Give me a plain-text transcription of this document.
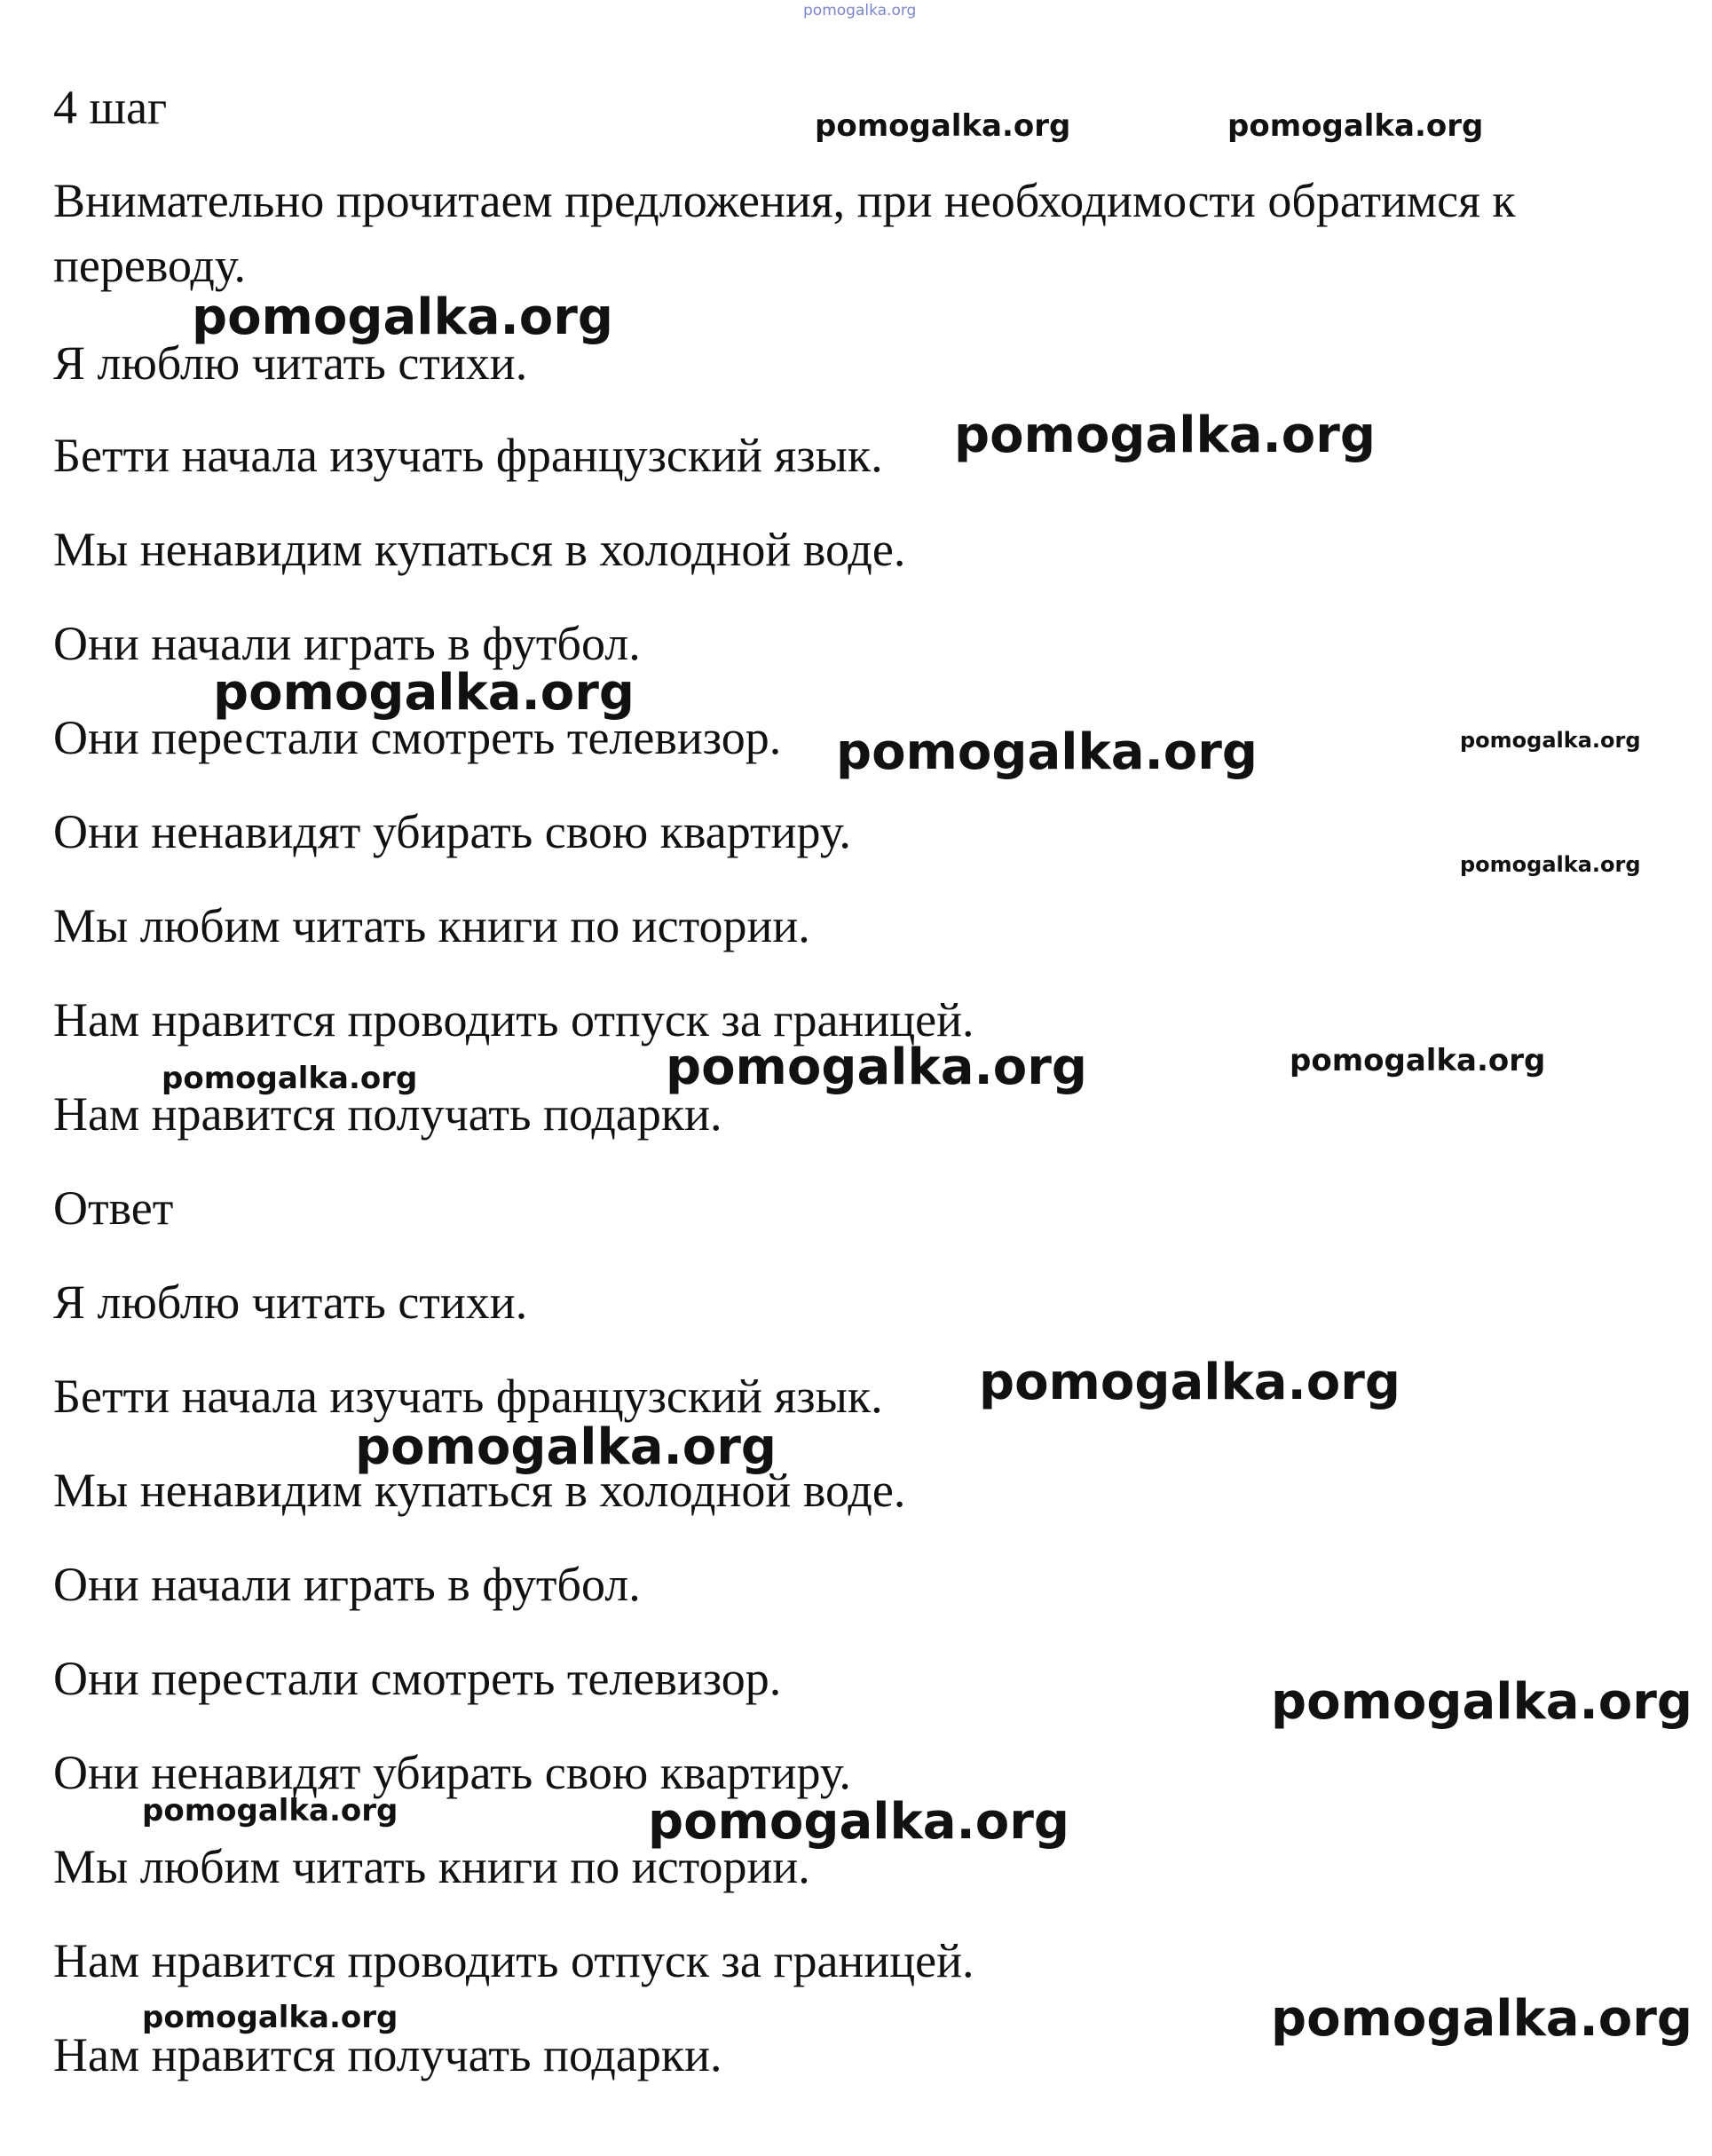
pomogalka.org
4 шаг

Внимательно прочитаем предложения, при необходимости обратимся к

переводу.

Я люблю читать стихи.

Бетти начала изучать французский язык.

Мы ненавидим купаться в холодной воде.

Они начали играть в футбол.

Они перестали смотреть телевизор.

Они ненавидят убирать свою квартиру.

Мы любим читать книги по истории.

Нам нравится проводить отпуск за границей.

Нам нравится получать подарки.

Ответ

Я люблю читать стихи.

Бетти начала изучать французский язык.

Мы ненавидим купаться в холодной воде.

Они начали играть в футбол.

Они перестали смотреть телевизор.

Они ненавидят убирать свою квартиру.

Мы любим читать книги по истории.

Нам нравится проводить отпуск за границей.

Нам нравится получать подарки.

pomogalka.org	pomogalka.org
pomogalka.org
pomogalka.org
pomogalka.org
pomogalka.org	pomogalka.org
pomogalka.org
pomogalka.org	pomogalka.org	pomogalka.org
pomogalka.org
pomogalka.org
pomogalka.org
pomogalka.org	pomogalka.org
pomogalka.org	pomogalka.org
